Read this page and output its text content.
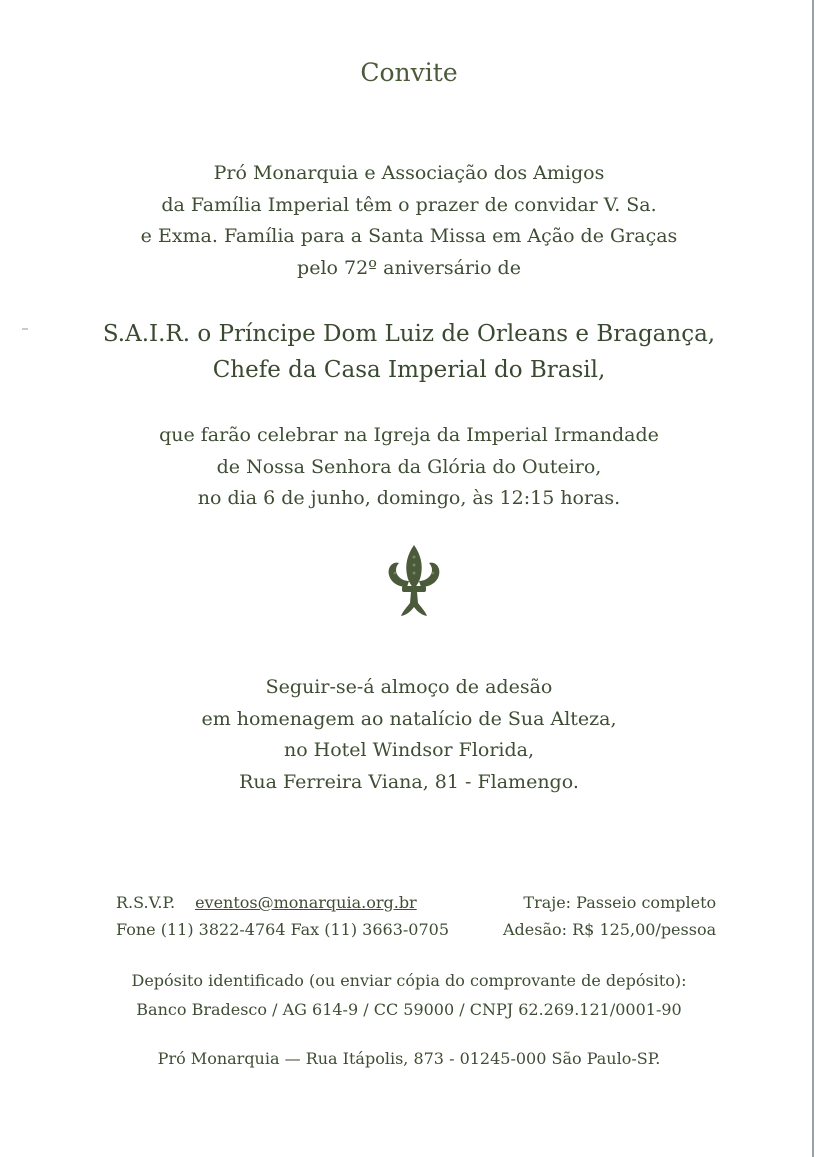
Convite
Pró Monarquia e Associação dos Amigos
da Família Imperial têm o prazer de convidar V. Sa.
e Exma. Família para a Santa Missa em Ação de Graças
pelo 72º aniversário de
S.A.I.R. o Príncipe Dom Luiz de Orleans e Bragança,
Chefe da Casa Imperial do Brasil,
que farão celebrar na Igreja da Imperial Irmandade
de Nossa Senhora da Glória do Outeiro,
no dia 6 de junho, domingo, às 12:15 horas.
Seguir-se-á almoço de adesão
em homenagem ao natalício de Sua Alteza,
no Hotel Windsor Florida,
Rua Ferreira Viana, 81 - Flamengo.
R.S.V.P. eventos@monarquia.org.br
Fone (11) 3822-4764 Fax (11) 3663-0705
Traje: Passeio completo
Adesão: R$ 125,00/pessoa
Depósito identificado (ou enviar cópia do comprovante de depósito):
Banco Bradesco / AG 614-9 / CC 59000 / CNPJ 62.269.121/0001-90
Pró Monarquia — Rua Itápolis, 873 - 01245-000 São Paulo-SP.
